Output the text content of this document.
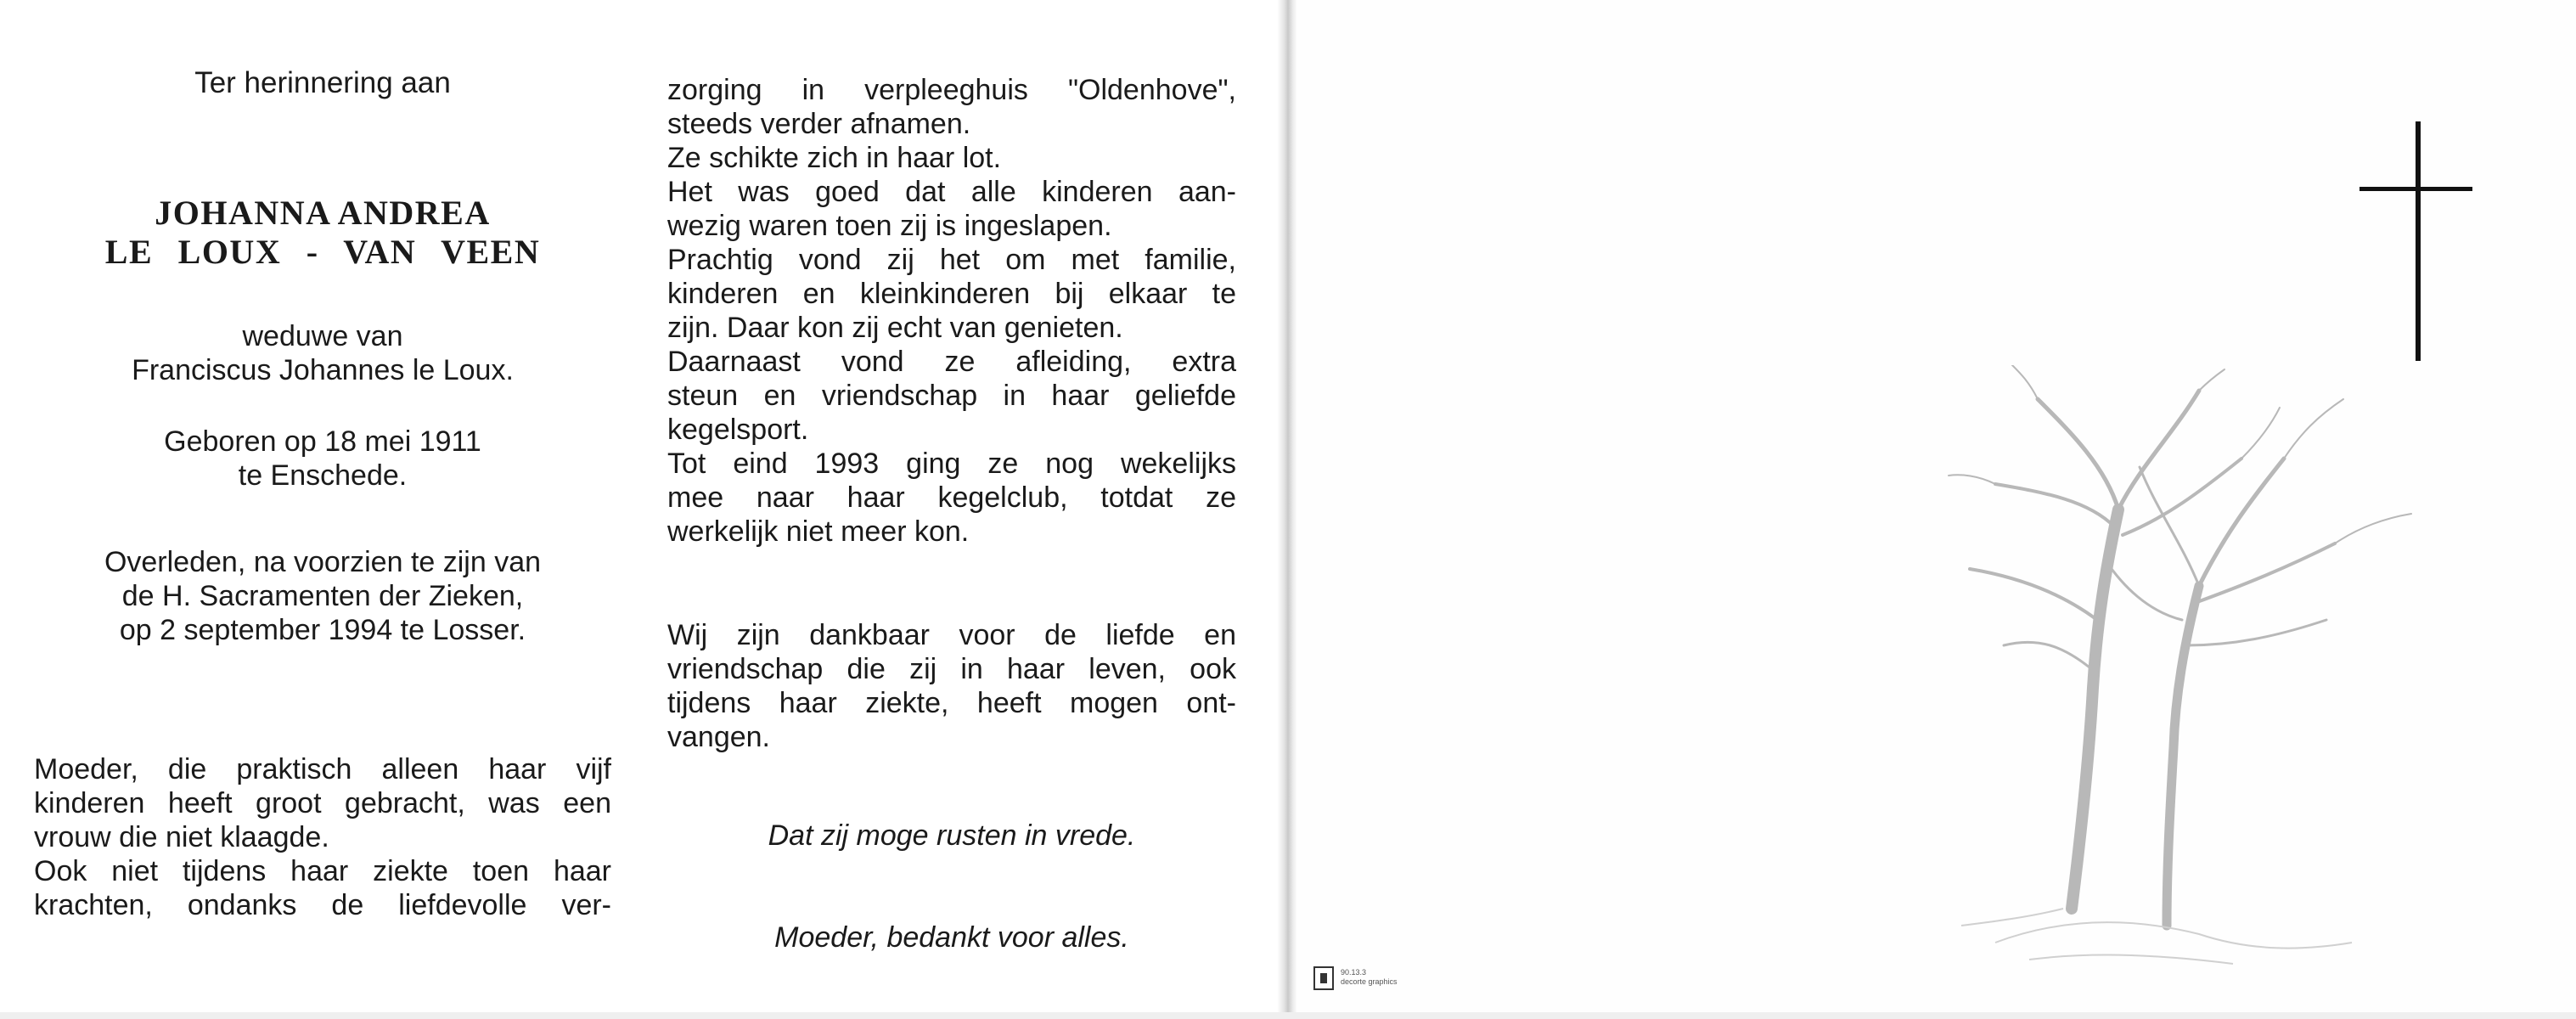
Ter herinnering aan
JOHANNA ANDREA
LE LOUX - VAN VEEN
weduwe van
Franciscus Johannes le Loux.
Geboren op 18 mei 1911
te Enschede.
Overleden, na voorzien te zijn van
de H. Sacramenten der Zieken,
op 2 september 1994 te Losser.
Moeder, die praktisch alleen haar vijf
kinderen heeft groot gebracht, was een
vrouw die niet klaagde.
Ook niet tijdens haar ziekte toen haar
krachten, ondanks de liefdevolle ver-
zorging in verpleeghuis "Oldenhove",
steeds verder afnamen.
Ze schikte zich in haar lot.
Het was goed dat alle kinderen aan-
wezig waren toen zij is ingeslapen.
Prachtig vond zij het om met familie,
kinderen en kleinkinderen bij elkaar te
zijn. Daar kon zij echt van genieten.
Daarnaast vond ze afleiding, extra
steun en vriendschap in haar geliefde
kegelsport.
Tot eind 1993 ging ze nog wekelijks
mee naar haar kegelclub, totdat ze
werkelijk niet meer kon.
Wij zijn dankbaar voor de liefde en
vriendschap die zij in haar leven, ook
tijdens haar ziekte, heeft mogen ont-
vangen.
Dat zij moge rusten in vrede.
Moeder, bedankt voor alles.
90.13.3
decorte graphics
